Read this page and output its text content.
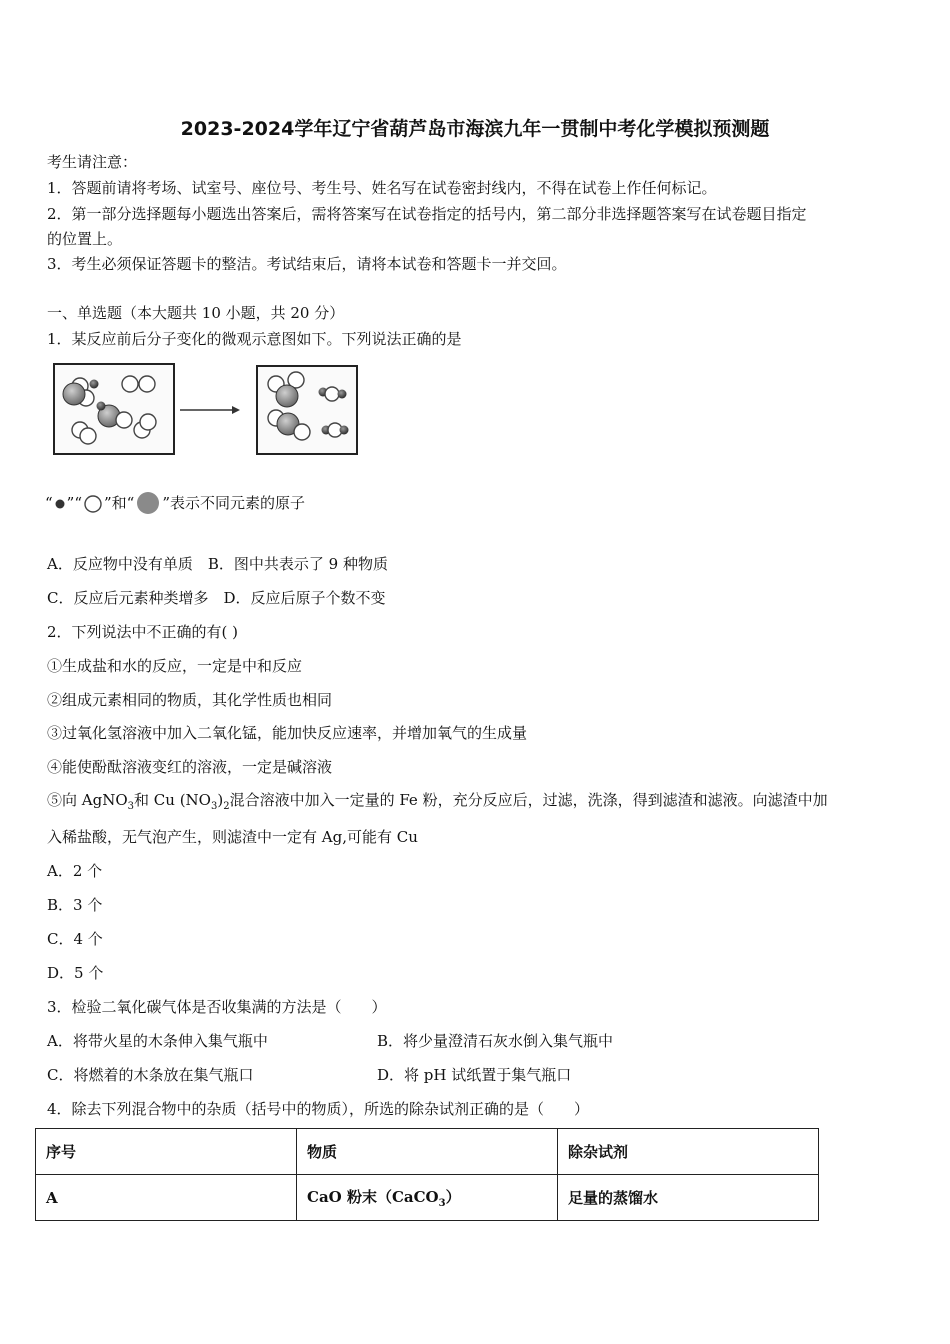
2023-2024学年辽宁省葫芦岛市海滨九年一贯制中考化学模拟预测题
考生请注意：
1．答题前请将考场、试室号、座位号、考生号、姓名写在试卷密封线内，不得在试卷上作任何标记。
2．第一部分选择题每小题选出答案后，需将答案写在试卷指定的括号内，第二部分非选择题答案写在试卷题目指定
的位置上。
3．考生必须保证答题卡的整洁。考试结束后，请将本试卷和答题卡一并交回。
一、单选题（本大题共 10 小题，共 20 分）
1．某反应前后分子变化的微观示意图如下。下列说法正确的是
“ ”“ ”和“ ”表示不同元素的原子
A．反应物中没有单质　 B．图中共表示了 9 种物质
C．反应后元素种类增多　 D．反应后原子个数不变
2．下列说法中不正确的有( )
①生成盐和水的反应，一定是中和反应
②组成元素相同的物质，其化学性质也相同
③过氧化氢溶液中加入二氧化锰，能加快反应速率，并增加氧气的生成量
④能使酚酞溶液变红的溶液，一定是碱溶液
⑤向 AgNO$_3$和 Cu $(NO_3)_2$混合溶液中加入一定量的 Fe 粉，充分反应后，过滤，洗涤，得到滤渣和滤液。向滤渣中加
入稀盐酸，无气泡产生，则滤渣中一定有 Ag,可能有 Cu
A．2 个
B．3 个
C．4 个
D．5 个
3．检验二氧化碳气体是否收集满的方法是（　　）
A．将带火星的木条伸入集气瓶中	B．将少量澄清石灰水倒入集气瓶中
C．将燃着的木条放在集气瓶口	D．将 pH 试纸置于集气瓶口
4．除去下列混合物中的杂质（括号中的物质），所选的除杂试剂正确的是（　　）
序号	物质	除杂试剂
A	CaO 粉末（CaCO$_3$）	足量的蒸馏水
